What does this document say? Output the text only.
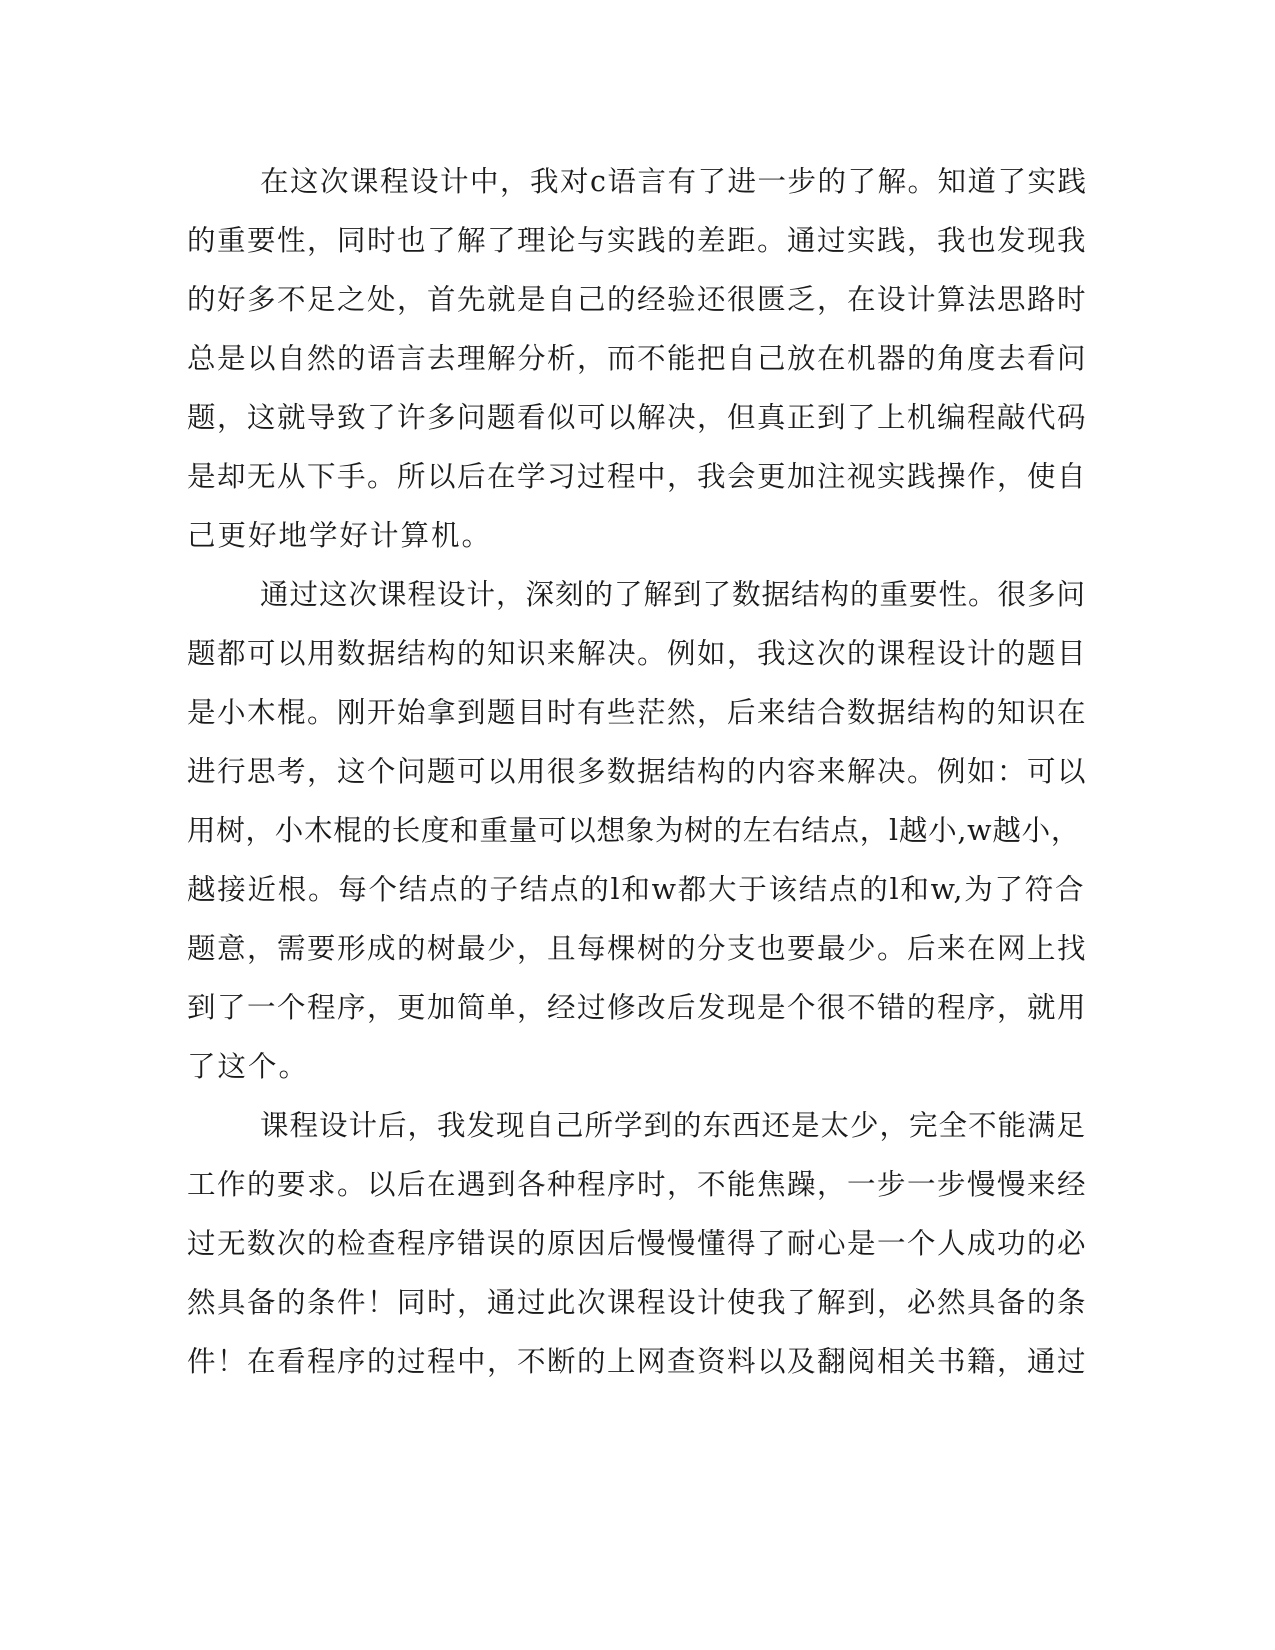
在这次课程设计中，我对c语言有了进一步的了解。知道了实践
的重要性，同时也了解了理论与实践的差距。通过实践，我也发现我
的好多不足之处，首先就是自己的经验还很匮乏，在设计算法思路时
总是以自然的语言去理解分析，而不能把自己放在机器的角度去看问
题，这就导致了许多问题看似可以解决，但真正到了上机编程敲代码
是却无从下手。所以后在学习过程中，我会更加注视实践操作，使自
己更好地学好计算机。
通过这次课程设计，深刻的了解到了数据结构的重要性。很多问
题都可以用数据结构的知识来解决。例如，我这次的课程设计的题目
是小木棍。刚开始拿到题目时有些茫然，后来结合数据结构的知识在
进行思考，这个问题可以用很多数据结构的内容来解决。例如：可以
用树，小木棍的长度和重量可以想象为树的左右结点，l越小,w越小，
越接近根。每个结点的子结点的l和w都大于该结点的l和w,为了符合
题意，需要形成的树最少，且每棵树的分支也要最少。后来在网上找
到了一个程序，更加简单，经过修改后发现是个很不错的程序，就用
了这个。
课程设计后，我发现自己所学到的东西还是太少，完全不能满足
工作的要求。以后在遇到各种程序时，不能焦躁，一步一步慢慢来经
过无数次的检查程序错误的原因后慢慢懂得了耐心是一个人成功的必
然具备的条件！同时，通过此次课程设计使我了解到，必然具备的条
件！在看程序的过程中，不断的上网查资料以及翻阅相关书籍，通过
